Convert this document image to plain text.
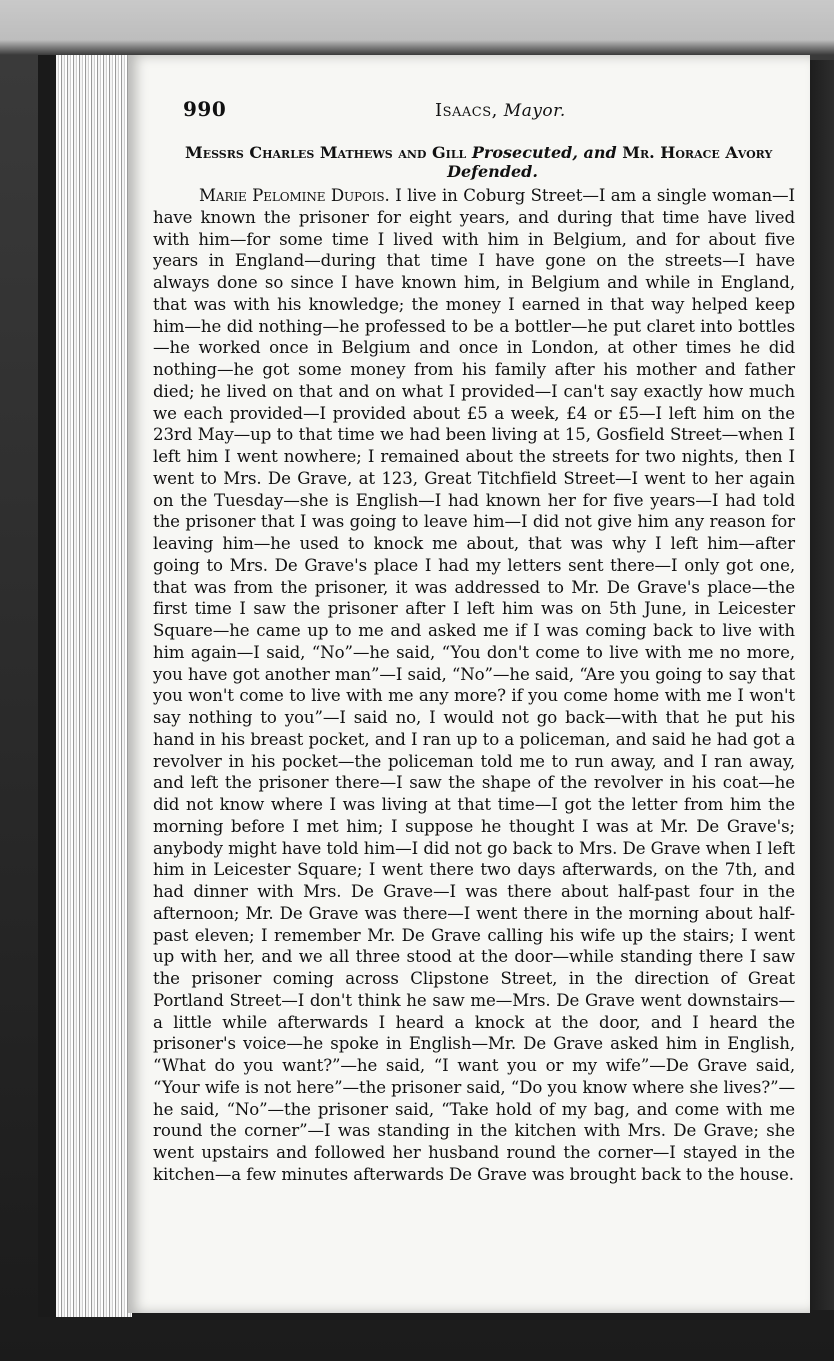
990	Isaacs, Mayor.
Messrs Charles Mathews and Gill Prosecuted, and Mr. Horace Avory
Defended.

Marie Pelomine Dupois. I live in Coburg Street—I am a single woman—I have known the prisoner for eight years, and during that time have lived with him—for some time I lived with him in Belgium, and for about five years in England—during that time I have gone on the streets—I have always done so since I have known him, in Belgium and while in England, that was with his knowledge; the money I earned in that way helped keep him—he did nothing—he professed to be a bottler—he put claret into bottles—he worked once in Belgium and once in London, at other times he did nothing—he got some money from his family after his mother and father died; he lived on that and on what I provided—I can't say exactly how much we each provided—I provided about £5 a week, £4 or £5—I left him on the 23rd May—up to that time we had been living at 15, Gosfield Street—when I left him I went nowhere; I remained about the streets for two nights, then I went to Mrs. De Grave, at 123, Great Titchfield Street—I went to her again on the Tuesday—she is English—I had known her for five years—I had told the prisoner that I was going to leave him—I did not give him any reason for leaving him—he used to knock me about, that was why I left him—after going to Mrs. De Grave's place I had my letters sent there—I only got one, that was from the prisoner, it was addressed to Mr. De Grave's place—the first time I saw the prisoner after I left him was on 5th June, in Leicester Square—he came up to me and asked me if I was coming back to live with him again—I said, “No”—he said, “You don't come to live with me no more, you have got another man”—I said, “No”—he said, “Are you going to say that you won't come to live with me any more? if you come home with me I won't say nothing to you”—I said no, I would not go back—with that he put his hand in his breast pocket, and I ran up to a policeman, and said he had got a revolver in his pocket—the policeman told me to run away, and I ran away, and left the prisoner there—I saw the shape of the revolver in his coat—he did not know where I was living at that time—I got the letter from him the morning before I met him; I suppose he thought I was at Mr. De Grave's; anybody might have told him—I did not go back to Mrs. De Grave when I left him in Leicester Square; I went there two days afterwards, on the 7th, and had dinner with Mrs. De Grave—I was there about half-past four in the afternoon; Mr. De Grave was there—I went there in the morning about half-past eleven; I remember Mr. De Grave calling his wife up the stairs; I went up with her, and we all three stood at the door—while standing there I saw the prisoner coming across Clipstone Street, in the direction of Great Portland Street—I don't think he saw me—Mrs. De Grave went downstairs—a little while afterwards I heard a knock at the door, and I heard the prisoner's voice—he spoke in English—Mr. De Grave asked him in English, “What do you want?”—he said, “I want you or my wife”—De Grave said, “Your wife is not here”—the prisoner said, “Do you know where she lives?”—he said, “No”—the prisoner said, “Take hold of my bag, and come with me round the corner”—I was standing in the kitchen with Mrs. De Grave; she went upstairs and followed her husband round the corner—I stayed in the kitchen—a few minutes afterwards De Grave was brought back to the house.
